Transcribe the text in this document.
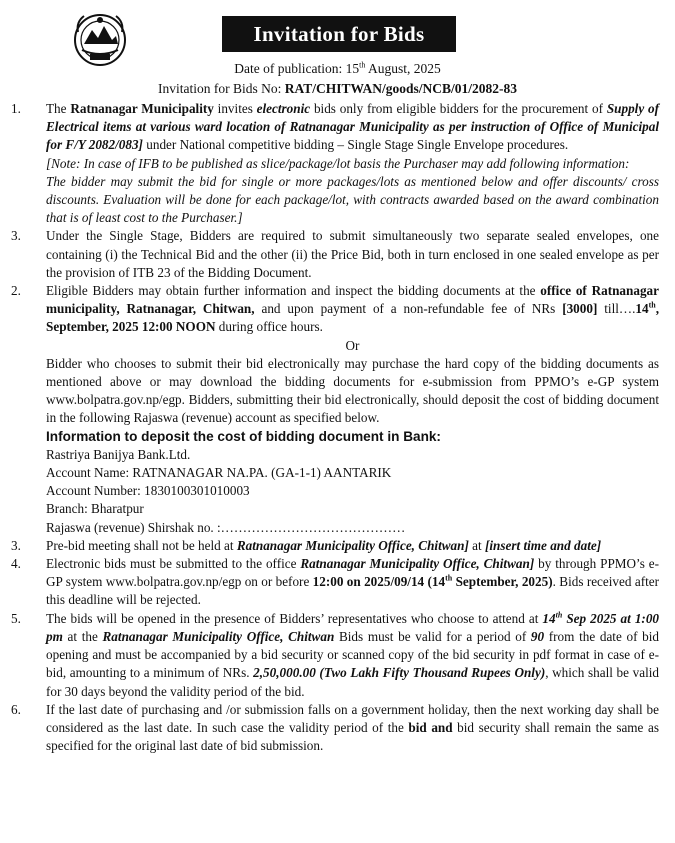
Invitation for Bids
Date of publication: 15th August, 2025
Invitation for Bids No: RAT/CHITWAN/goods/NCB/01/2082-83
1.	The Ratnanagar Municipality invites electronic bids only from eligible bidders for the procurement of Supply of Electrical items at various ward location of Ratnanagar Municipality as per instruction of Office of Municipal for F/Y 2082/083] under National competitive bidding – Single Stage Single Envelope procedures.
[Note: In case of IFB to be published as slice/package/lot basis the Purchaser may add following information:
The bidder may submit the bid for single or more packages/lots as mentioned below and offer discounts/ cross discounts. Evaluation will be done for each package/lot, with contracts awarded based on the award combination that is of least cost to the Purchaser.]
3.	Under the Single Stage, Bidders are required to submit simultaneously two separate sealed envelopes, one containing (i) the Technical Bid and the other (ii) the Price Bid, both in turn enclosed in one sealed envelope as per the provision of ITB 23 of the Bidding Document.
2.	Eligible Bidders may obtain further information and inspect the bidding documents at the office of Ratnanagar municipality, Ratnanagar, Chitwan, and upon payment of a non-refundable fee of NRs [3000] till….14th, September, 2025 12:00 NOON during office hours.
Or
Bidder who chooses to submit their bid electronically may purchase the hard copy of the bidding documents as mentioned above or may download the bidding documents for e-submission from PPMO’s e-GP system www.bolpatra.gov.np/egp. Bidders, submitting their bid electronically, should deposit the cost of bidding document in the following Rajaswa (revenue) account as specified below.
Information to deposit the cost of bidding document in Bank:
Rastriya Banijya Bank.Ltd.
Account Name: RATNANAGAR NA.PA. (GA-1-1) AANTARIK
Account Number: 1830100301010003
Branch: Bharatpur
Rajaswa (revenue) Shirshak no. :……………………………………
3.	Pre-bid meeting shall not be held at Ratnanagar Municipality Office, Chitwan] at [insert time and date]
4.	Electronic bids must be submitted to the office Ratnanagar Municipality Office, Chitwan] by through PPMO’s e-GP system www.bolpatra.gov.np/egp on or before 12:00 on 2025/09/14 (14th September, 2025). Bids received after this deadline will be rejected.
5.	The bids will be opened in the presence of Bidders’ representatives who choose to attend at 14th Sep 2025 at 1:00 pm at the Ratnanagar Municipality Office, Chitwan Bids must be valid for a period of 90 from the date of bid opening and must be accompanied by a bid security or scanned copy of the bid security in pdf format in case of e-bid, amounting to a minimum of NRs. 2,50,000.00 (Two Lakh Fifty Thousand Rupees Only), which shall be valid for 30 days beyond the validity period of the bid.
6.	If the last date of purchasing and /or submission falls on a government holiday, then the next working day shall be considered as the last date. In such case the validity period of the bid and bid security shall remain the same as specified for the original last date of bid submission.
